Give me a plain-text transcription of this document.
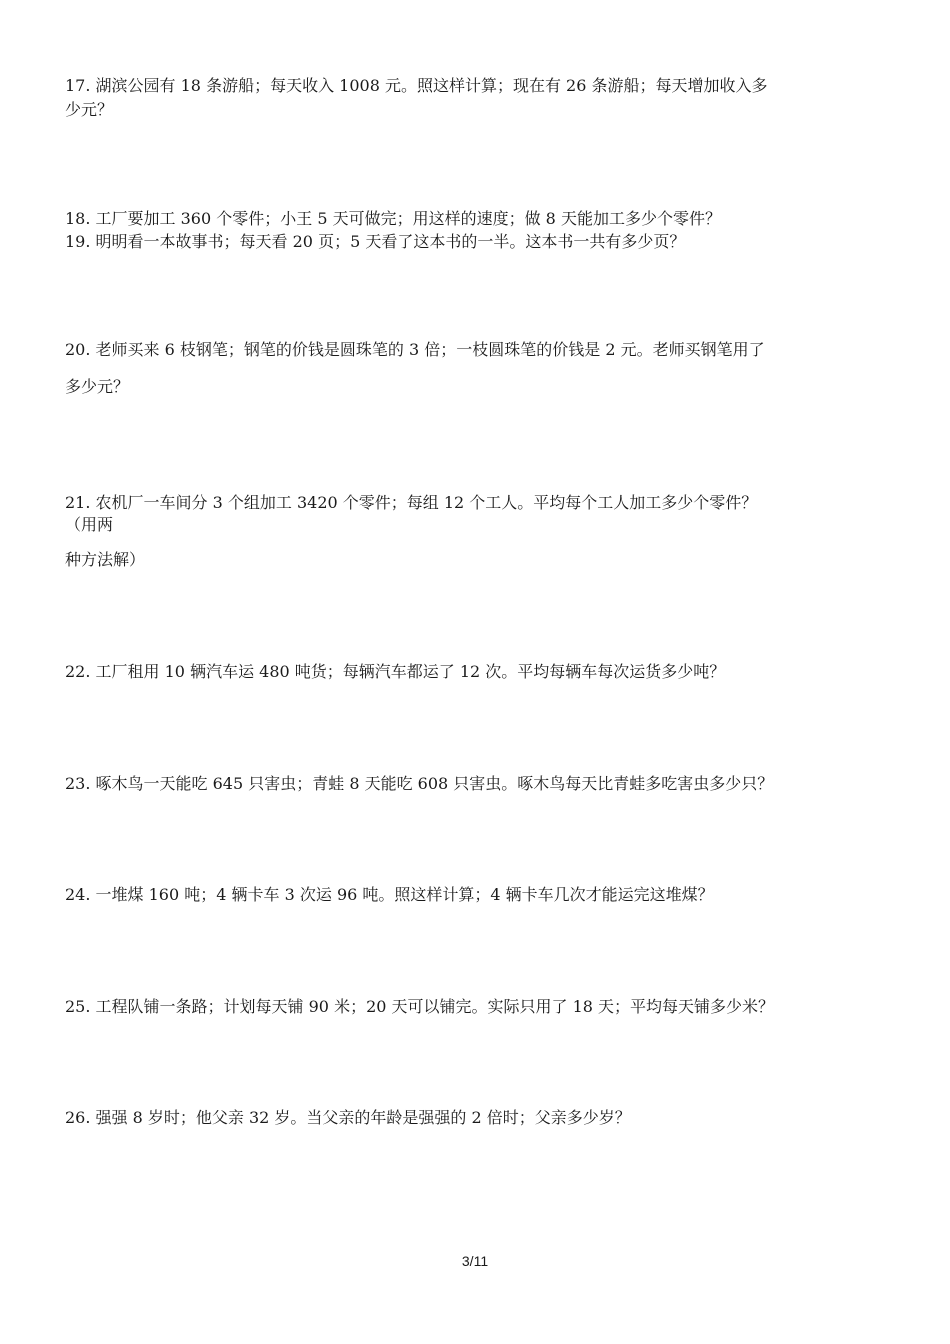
17. 湖滨公园有 18 条游船；每天收入 1008 元。照这样计算；现在有 26 条游船；每天增加收入多
少元？
18. 工厂要加工 360 个零件；小王 5 天可做完；用这样的速度；做 8 天能加工多少个零件？
19. 明明看一本故事书；每天看 20 页；5 天看了这本书的一半。这本书一共有多少页？
20. 老师买来 6 枝钢笔；钢笔的价钱是圆珠笔的 3 倍；一枝圆珠笔的价钱是 2 元。老师买钢笔用了
多少元？
21. 农机厂一车间分 3 个组加工 3420 个零件；每组 12 个工人。平均每个工人加工多少个零件？
（用两
种方法解）
22. 工厂租用 10 辆汽车运 480 吨货；每辆汽车都运了 12 次。平均每辆车每次运货多少吨？
23. 啄木鸟一天能吃 645 只害虫；青蛙 8 天能吃 608 只害虫。啄木鸟每天比青蛙多吃害虫多少只？
24. 一堆煤 160 吨；4 辆卡车 3 次运 96 吨。照这样计算；4 辆卡车几次才能运完这堆煤？
25. 工程队铺一条路；计划每天铺 90 米；20 天可以铺完。实际只用了 18 天；平均每天铺多少米？
26. 强强 8 岁时；他父亲 32 岁。当父亲的年龄是强强的 2 倍时；父亲多少岁？
3/11
